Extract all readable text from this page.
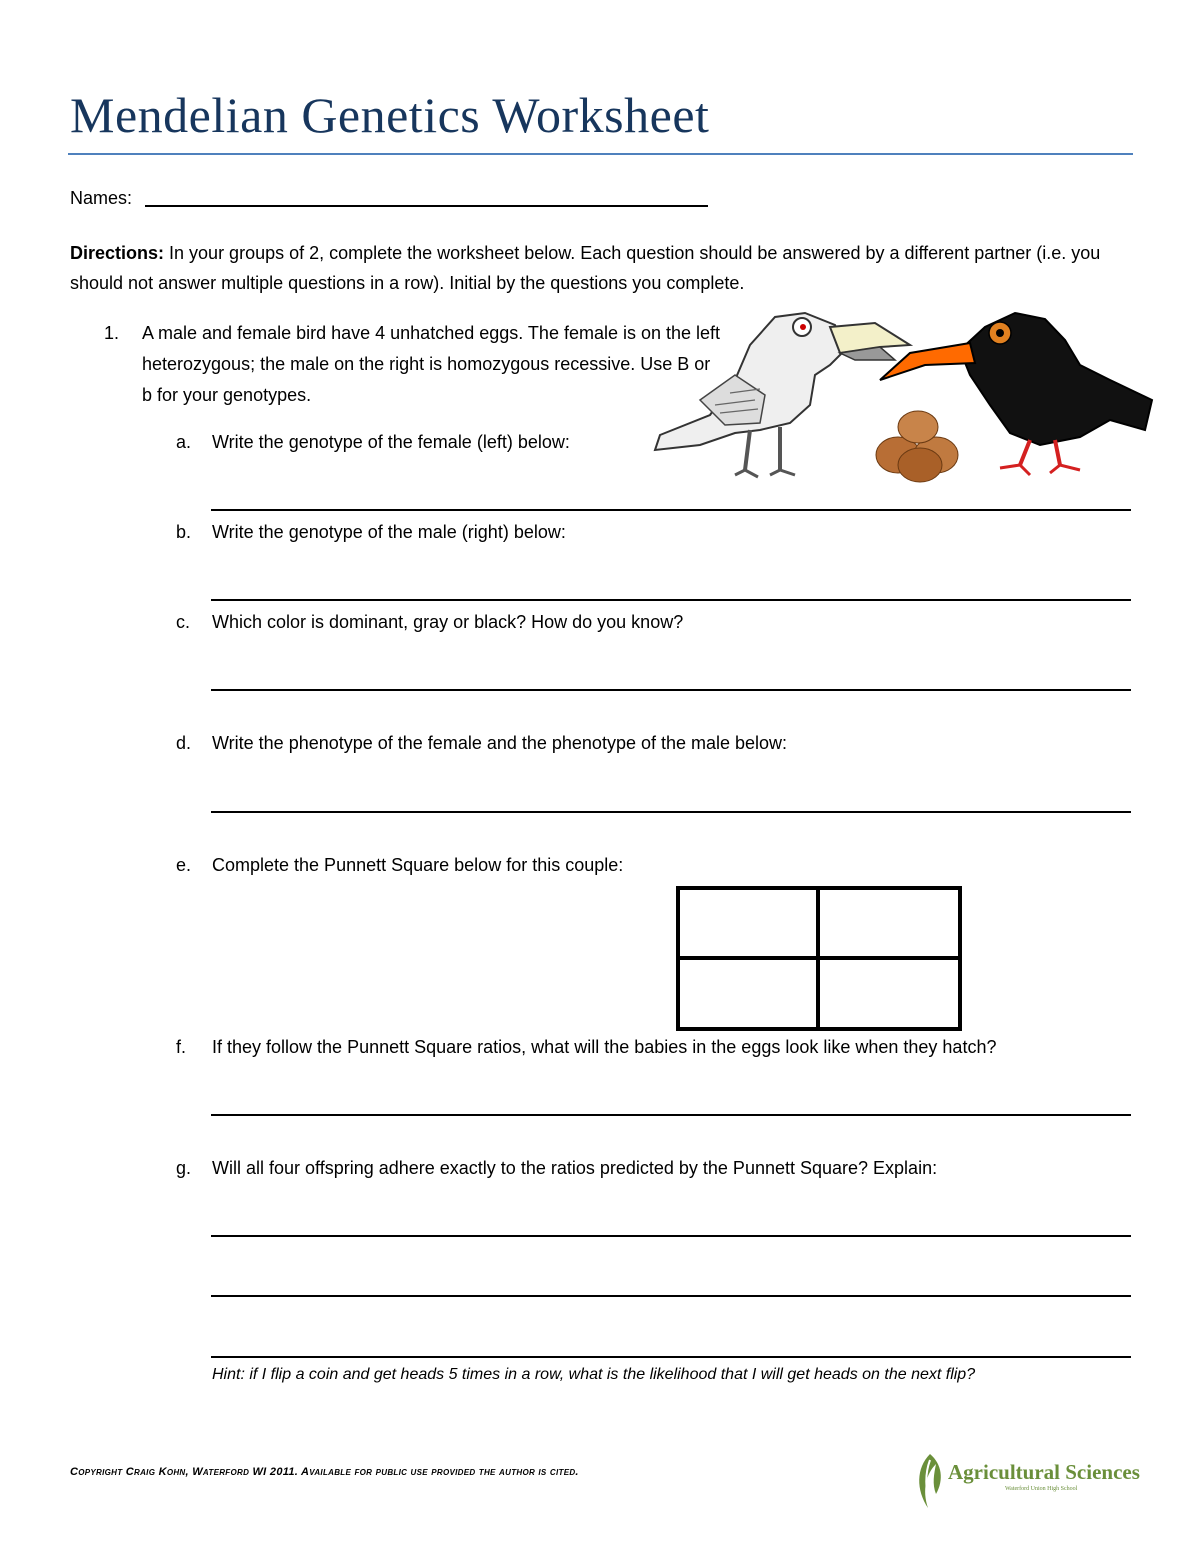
Mendelian Genetics Worksheet
Names:
Directions: In your groups of 2, complete the worksheet below. Each question should be answered by a different partner (i.e. you should not answer multiple questions in a row). Initial by the questions you complete.
1. A male and female bird have 4 unhatched eggs. The female is on the left heterozygous; the male on the right is homozygous recessive. Use B or b for your genotypes.
a. Write the genotype of the female (left) below:
b. Write the genotype of the male (right) below:
c. Which color is dominant, gray or black? How do you know?
d. Write the phenotype of the female and the phenotype of the male below:
e. Complete the Punnett Square below for this couple:
f. If they follow the Punnett Square ratios, what will the babies in the eggs look like when they hatch?
g. Will all four offspring adhere exactly to the ratios predicted by the Punnett Square? Explain:
Hint: if I flip a coin and get heads 5 times in a row, what is the likelihood that I will get heads on the next flip?
Copyright Craig Kohn, Waterford WI 2011. Available for public use provided the author is cited.	Agricultural Sciences
Waterford Union High School
